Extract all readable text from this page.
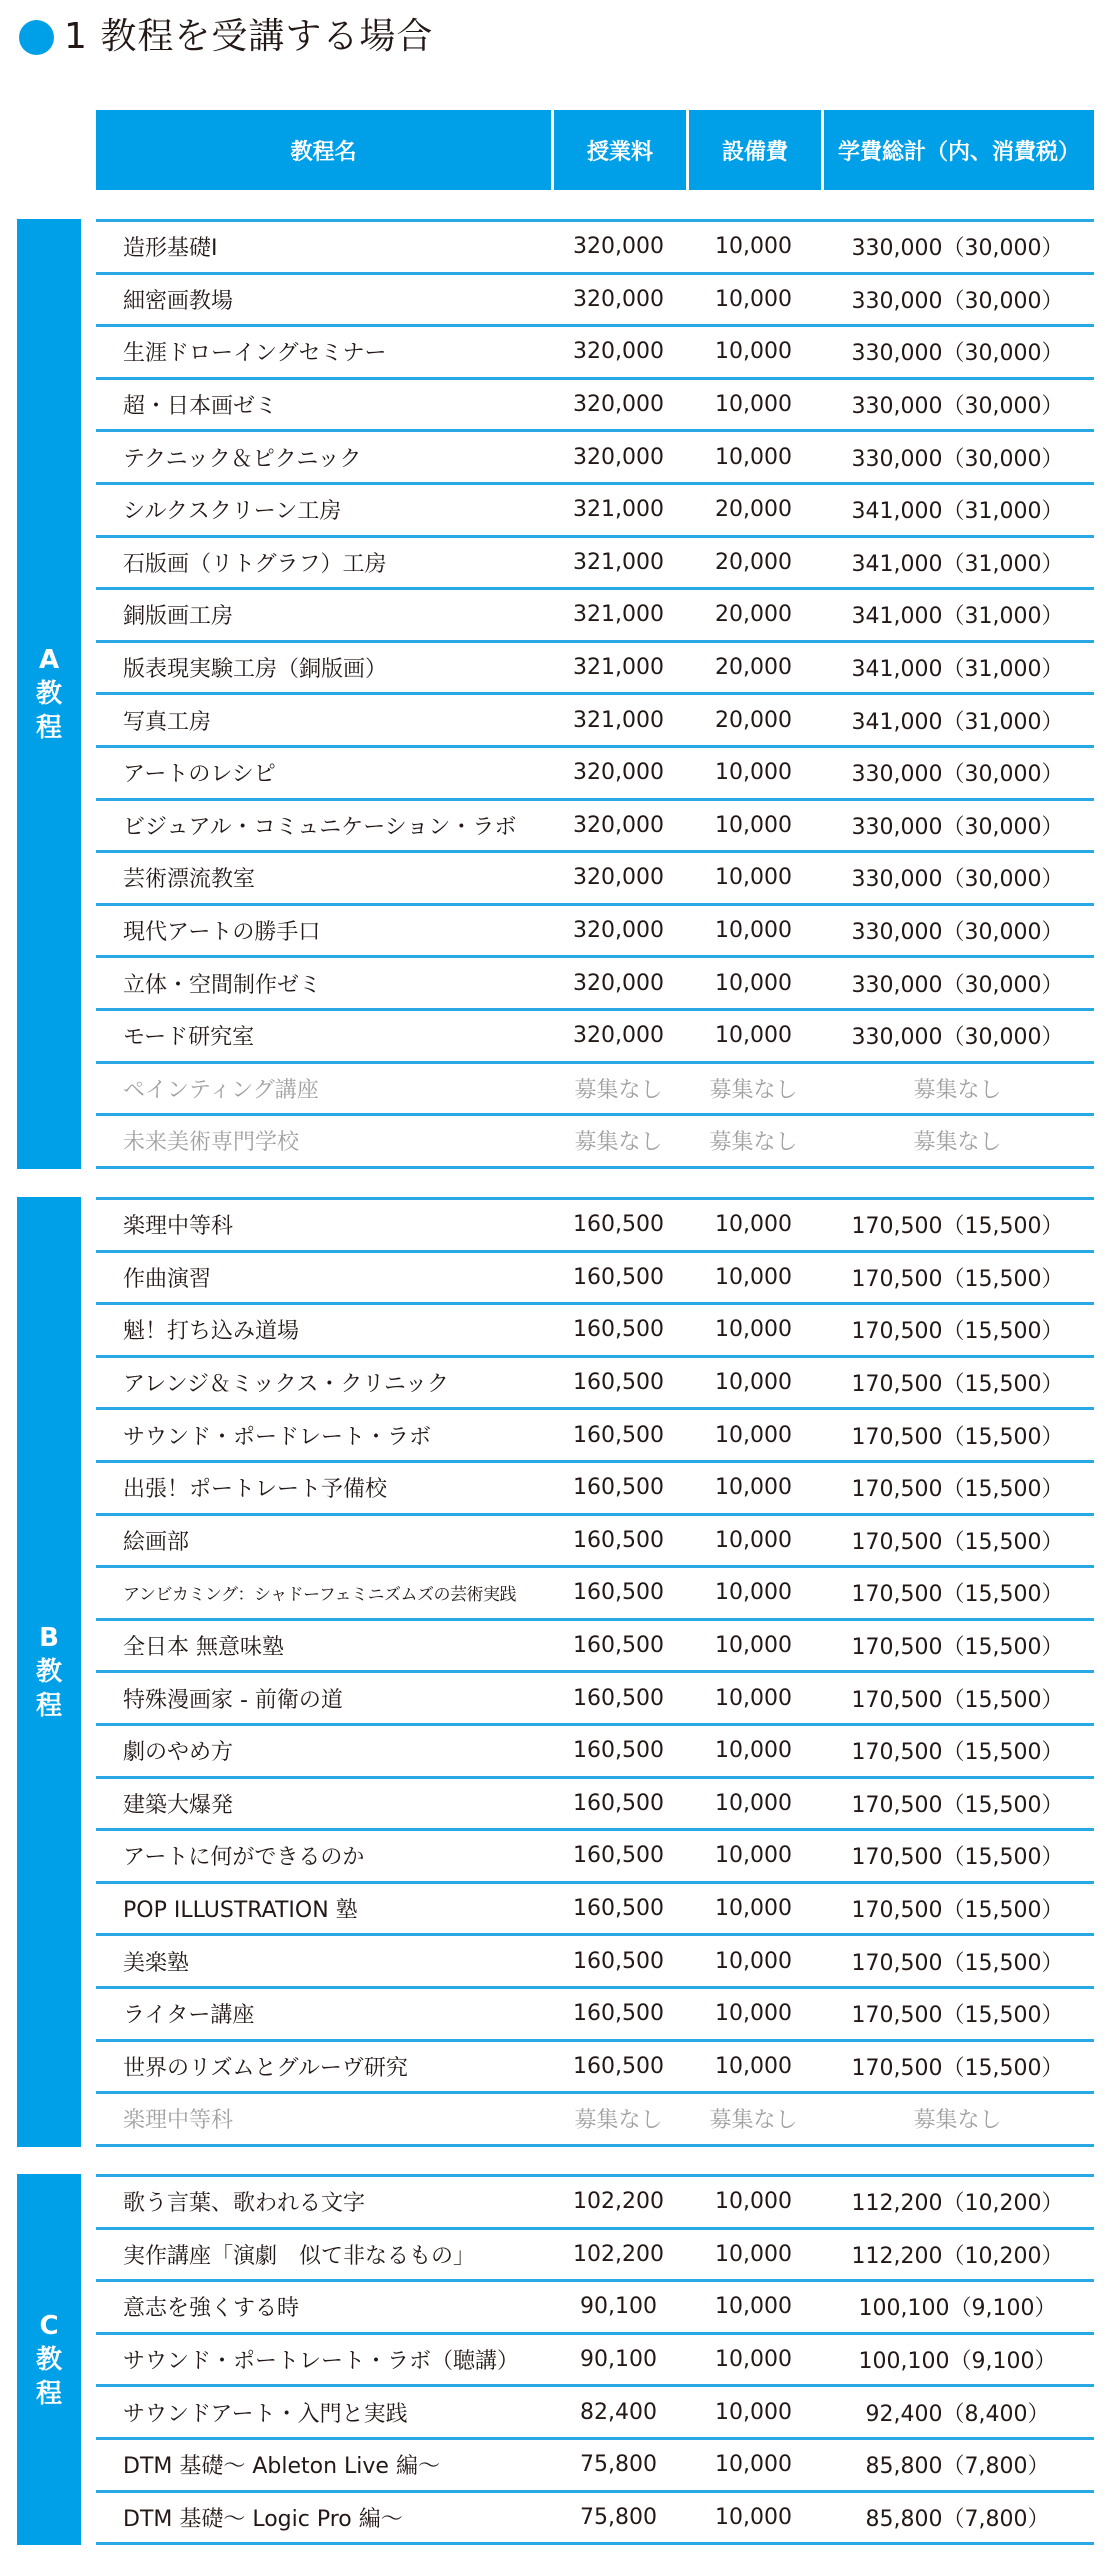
1 教程を受講する場合
教程名	授業料	設備費	学費総計（内、消費税）
A
教
程
造形基礎Ⅰ	320,000	10,000	330,000（30,000）
細密画教場	320,000	10,000	330,000（30,000）
生涯ドローイングセミナー	320,000	10,000	330,000（30,000）
超・日本画ゼミ	320,000	10,000	330,000（30,000）
テクニック＆ピクニック	320,000	10,000	330,000（30,000）
シルクスクリーン工房	321,000	20,000	341,000（31,000）
石版画（リトグラフ）工房	321,000	20,000	341,000（31,000）
銅版画工房	321,000	20,000	341,000（31,000）
版表現実験工房（銅版画）	321,000	20,000	341,000（31,000）
写真工房	321,000	20,000	341,000（31,000）
アートのレシピ	320,000	10,000	330,000（30,000）
ビジュアル・コミュニケーション・ラボ	320,000	10,000	330,000（30,000）
芸術漂流教室	320,000	10,000	330,000（30,000）
現代アートの勝手口	320,000	10,000	330,000（30,000）
立体・空間制作ゼミ	320,000	10,000	330,000（30,000）
モード研究室	320,000	10,000	330,000（30,000）
ペインティング講座	募集なし	募集なし	募集なし
未来美術専門学校	募集なし	募集なし	募集なし
B
教
程
楽理中等科	160,500	10,000	170,500（15,500）
作曲演習	160,500	10,000	170,500（15,500）
魁！打ち込み道場	160,500	10,000	170,500（15,500）
アレンジ＆ミックス・クリニック	160,500	10,000	170,500（15,500）
サウンド・ポードレート・ラボ	160,500	10,000	170,500（15,500）
出張！ポートレート予備校	160,500	10,000	170,500（15,500）
絵画部	160,500	10,000	170,500（15,500）
アンビカミング：シャドーフェミニズムズの芸術実践	160,500	10,000	170,500（15,500）
全日本 無意味塾	160,500	10,000	170,500（15,500）
特殊漫画家 - 前衛の道	160,500	10,000	170,500（15,500）
劇のやめ方	160,500	10,000	170,500（15,500）
建築大爆発	160,500	10,000	170,500（15,500）
アートに何ができるのか	160,500	10,000	170,500（15,500）
POP ILLUSTRATION 塾	160,500	10,000	170,500（15,500）
美楽塾	160,500	10,000	170,500（15,500）
ライター講座	160,500	10,000	170,500（15,500）
世界のリズムとグルーヴ研究	160,500	10,000	170,500（15,500）
楽理中等科	募集なし	募集なし	募集なし
C
教
程
歌う言葉、歌われる文字	102,200	10,000	112,200（10,200）
実作講座「演劇　似て非なるもの」	102,200	10,000	112,200（10,200）
意志を強くする時	90,100	10,000	100,100（9,100）
サウンド・ポートレート・ラボ（聴講）	90,100	10,000	100,100（9,100）
サウンドアート・入門と実践	82,400	10,000	92,400（8,400）
DTM 基礎～ Ableton Live 編～	75,800	10,000	85,800（7,800）
DTM 基礎～ Logic Pro 編～	75,800	10,000	85,800（7,800）
